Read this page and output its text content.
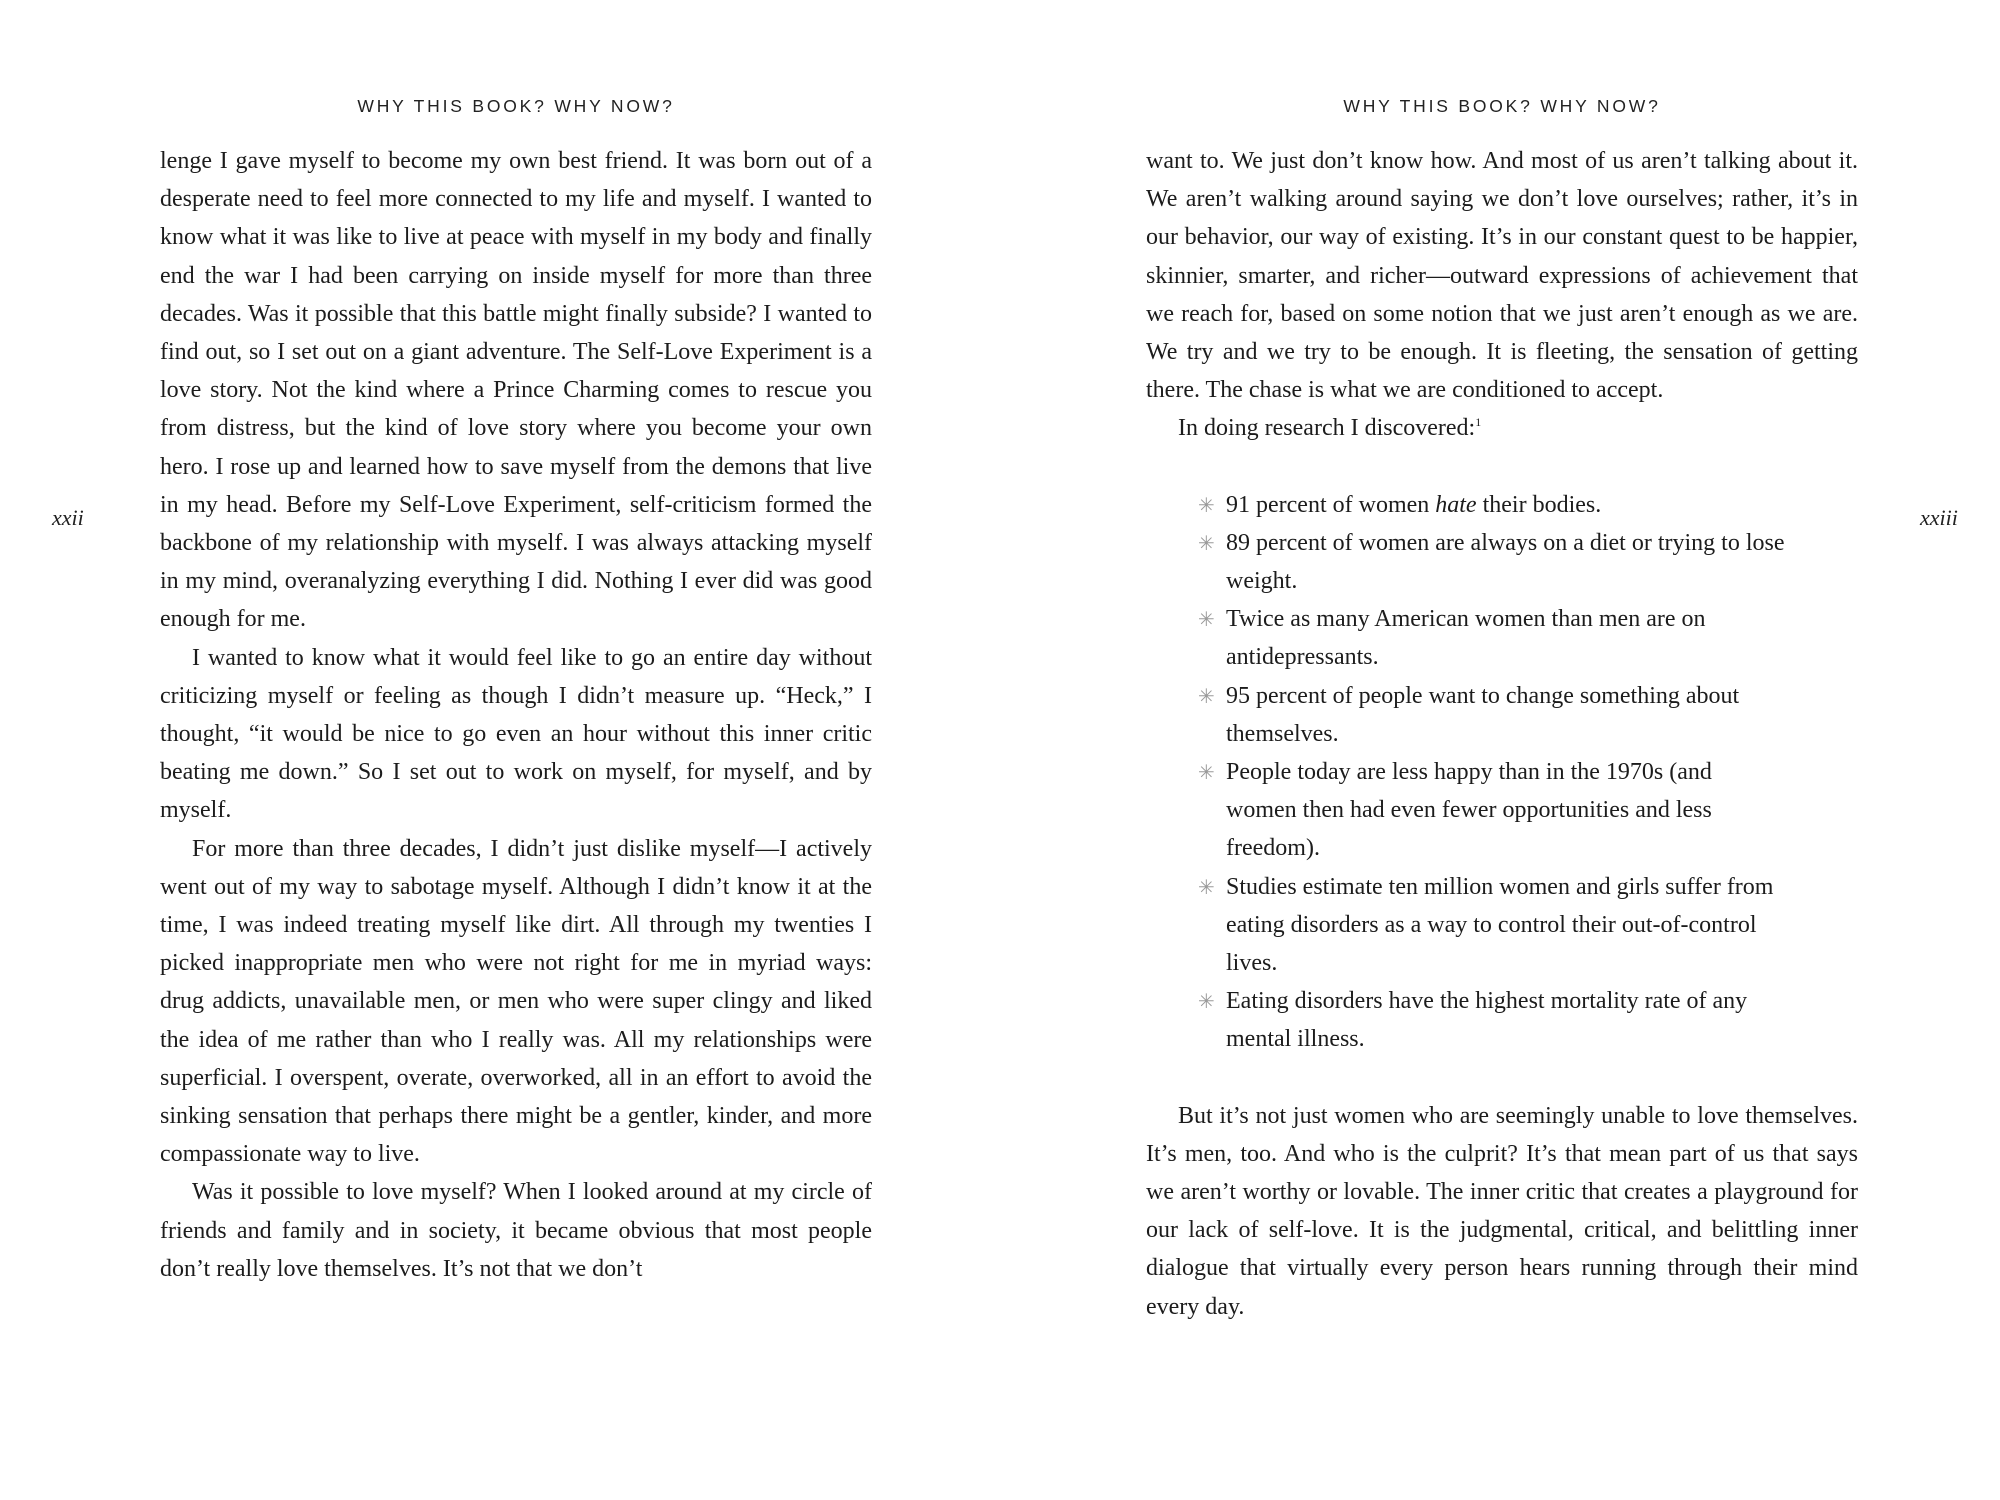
WHY THIS BOOK? WHY NOW?
xxii

lenge I gave myself to become my own best friend. It was born out of a desperate need to feel more connected to my life and myself. I wanted to know what it was like to live at peace with myself in my body and finally end the war I had been carrying on inside myself for more than three decades. Was it possible that this battle might finally subside? I wanted to find out, so I set out on a giant adventure. The Self-Love Experiment is a love story. Not the kind where a Prince Charming comes to rescue you from distress, but the kind of love story where you become your own hero. I rose up and learned how to save myself from the demons that live in my head. Before my Self-Love Experiment, self-criticism formed the backbone of my relationship with myself. I was always attacking myself in my mind, overanalyzing everything I did. Nothing I ever did was good enough for me.

I wanted to know what it would feel like to go an entire day without criticizing myself or feeling as though I didn’t measure up. “Heck,” I thought, “it would be nice to go even an hour without this inner critic beating me down.” So I set out to work on myself, for myself, and by myself.

For more than three decades, I didn’t just dislike myself—I actively went out of my way to sabotage myself. Although I didn’t know it at the time, I was indeed treating myself like dirt. All through my twenties I picked inappropriate men who were not right for me in myriad ways: drug addicts, unavailable men, or men who were super clingy and liked the idea of me rather than who I really was. All my relationships were superficial. I overspent, overate, overworked, all in an effort to avoid the sinking sensation that perhaps there might be a gentler, kinder, and more compassionate way to live.

Was it possible to love myself? When I looked around at my circle of friends and family and in society, it became obvious that most people don’t really love themselves. It’s not that we don’t

WHY THIS BOOK? WHY NOW?
xxiii

want to. We just don’t know how. And most of us aren’t talking about it. We aren’t walking around saying we don’t love ourselves; rather, it’s in our behavior, our way of existing. It’s in our constant quest to be happier, skinnier, smarter, and richer—outward expressions of achievement that we reach for, based on some notion that we just aren’t enough as we are. We try and we try to be enough. It is fleeting, the sensation of getting there. The chase is what we are conditioned to accept.

In doing research I discovered:$^1$

✳ 91 percent of women hate their bodies.
✳ 89 percent of women are always on a diet or trying to lose weight.
✳ Twice as many American women than men are on antidepressants.
✳ 95 percent of people want to change something about themselves.
✳ People today are less happy than in the 1970s (and women then had even fewer opportunities and less freedom).
✳ Studies estimate ten million women and girls suffer from eating disorders as a way to control their out-of-control lives.
✳ Eating disorders have the highest mortality rate of any mental illness.

But it’s not just women who are seemingly unable to love themselves. It’s men, too. And who is the culprit? It’s that mean part of us that says we aren’t worthy or lovable. The inner critic that creates a playground for our lack of self-love. It is the judgmental, critical, and belittling inner dialogue that virtually every person hears running through their mind every day.
